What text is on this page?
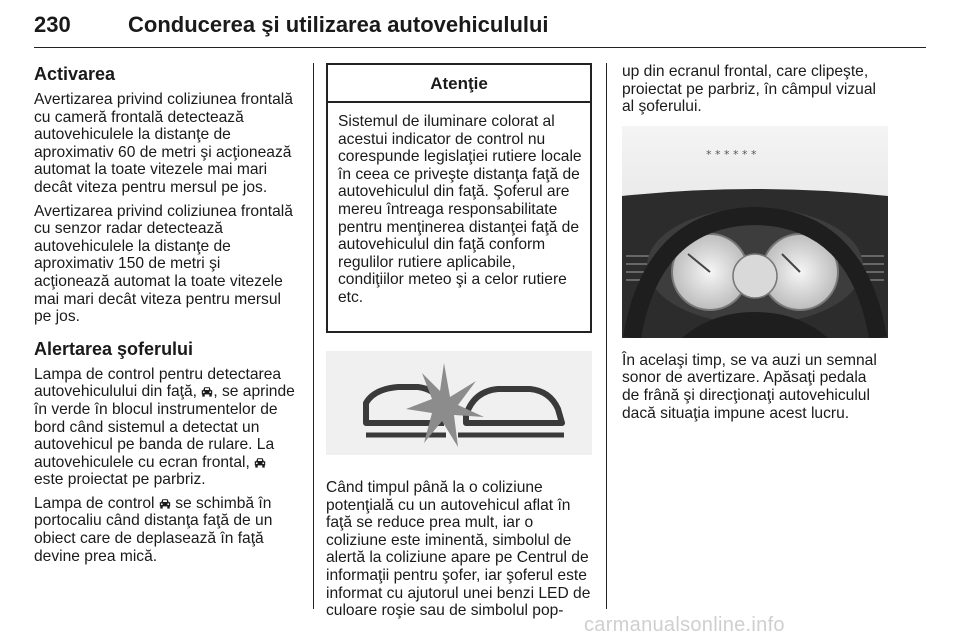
230	Conducerea şi utilizarea autovehiculului
Activarea

Avertizarea privind coliziunea frontală cu cameră frontală detectează autovehiculele la distanţe de aproximativ 60 de metri şi acţionează automat la toate vitezele mai mari decât viteza pentru mersul pe jos.

Avertizarea privind coliziunea frontală cu senzor radar detectează autovehiculele la distanţe de aproximativ 150 de metri şi acţionează automat la toate vitezele mai mari decât viteza pentru mersul pe jos.

Alertarea şoferului

Lampa de control pentru detectarea autovehiculului din faţă, , se aprinde în verde în blocul instrumentelor de bord când sistemul a detectat un autovehicul pe banda de rulare. La autovehiculele cu ecran frontal,  este proiectat pe parbriz.

Lampa de control se schimbă în portocaliu când distanţa faţă de un obiect care de deplasează în faţă devine prea mică.

Atenţie
Sistemul de iluminare colorat al acestui indicator de control nu corespunde legislaţiei rutiere locale în ceea ce priveşte distanţa faţă de autovehiculul din faţă. Şoferul are mereu întreaga responsabilitate pentru menţinerea distanţei faţă de autovehiculul din faţă conform regulilor rutiere aplicabile, condiţiilor meteo şi a celor rutiere etc.

Când timpul până la o coliziune potenţială cu un autovehicul aflat în faţă se reduce prea mult, iar o coliziune este iminentă, simbolul de alertă la coliziune apare pe Centrul de informaţii pentru şofer, iar şoferul este informat cu ajutorul unei benzi LED de culoare roşie sau de simbolul pop-

up din ecranul frontal, care clipeşte, proiectat pe parbriz, în câmpul vizual al şoferului.

* * * * * *

În acelaşi timp, se va auzi un semnal sonor de avertizare. Apăsaţi pedala de frână şi direcţionaţi autovehiculul dacă situaţia impune acest lucru.

carmanualsonline.info
